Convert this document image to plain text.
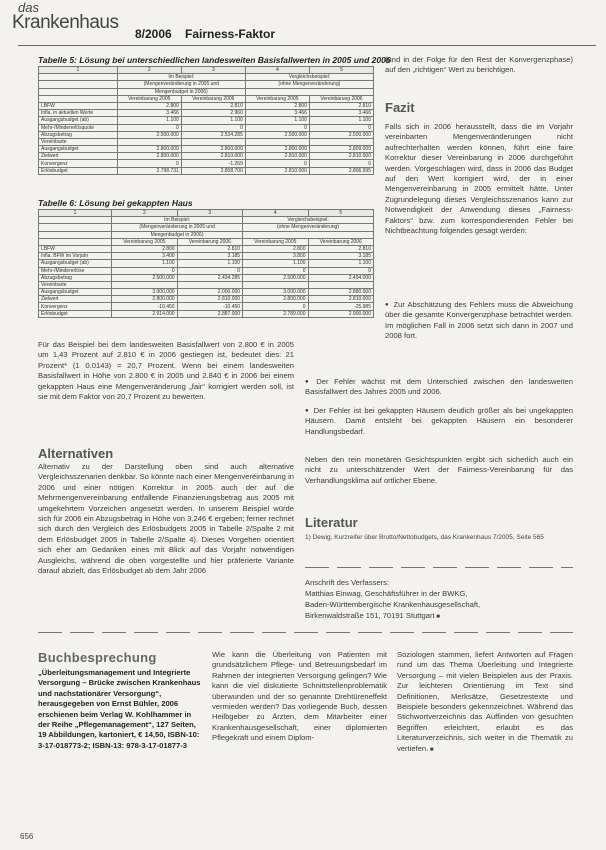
das
Krankenhaus
8/2006 Fairness-Faktor
Tabelle 5: Lösung bei unterschiedlichen landesweiten Basisfallwerten in 2005 und 2006
1	2	3	4	5
	Im Beispiel:		Vergleichsbeispiel:	
	(Mengenveränderung in 2005 und		(ohne Mengenveränderung)	
	Mengenbudget in 2006)			
	Vereinbarung 2005	Vereinbarung 2006	Vereinbarung 2005	Vereinbarung 2006
LBFW	2.800	2.810	2.800	2.810
Infla. in aktuellen Werte	3.466	2.960	3.466	3.466
Ausgangsbudget (ab)	1.100	1.100	1.100	1.100
Mehr-/Mindererlösquote	0	0	0	0
Abzugsbetrag	2.500.000	2.534.285	2.500.000	2.500.000
Vereinbarte				
Ausgangsbudget	2.800.000	2.800.000	2.800.000	2.809.000
Zielwert	2.800.000	2.810.000	2.810.000	2.810.000
Konvergenz	0	-1.269	0	0
Erlösbudget	2.798.731	2.808.700	2.810.000	2.806.995
Tabelle 6: Lösung bei gekappten Haus
1	2	3	4	5
	Im Beispiel:		Vergleichsbeispiel:	
	(Mengenveränderung in 2005 und		(ohne Mengenveränderung)	
	Mengenbudget in 2006)			
	Vereinbarung 2005	Vereinbarung 2006	Vereinbarung 2005	Vereinbarung 2006
LBFW	2.800	2.810	2.800	2.810
Infla. BFW im Vorjahr	3.400	3.185	3.800	3.185
Ausgangsbudget (ab)	1.100	1.100	1.100	1.100
Mehr-/Mindererlöse	0	0	0	0
Abzugsbetrag	2.500.000	2.434.285	2.500.000	2.494.000
Vereinbarte				
Ausgangsbudget	3.000.000	2.000.000	3.000.000	2.880.000
Zielwert	2.800.000	2.810.000	2.800.000	2.810.000
Konvergenz	-10.450	-10.450	0	-25.985
Erlösbudget	2.914.000	2.887.000	2.789.000	2.900.000
Für das Beispiel bei dem landesweiten Basisfallwert von 2.800 € in 2005 um 1,43 Prozent auf 2.810 € in 2006 gestiegen ist, bedeutet dies: 21 Prozent* (1 0.0143) = 20,7 Prozent. Wenn bei einem landesweiten Basisfallwert in Höhe von 2.800 € in 2005 und 2.840 € in 2006 bei einem gekappten Haus eine Mengenveränderung „fair“ korrigiert werden soll, ist sie mit dem Faktor von 20,7 Prozent zu bewerten.
Alternativen
Alternativ zu der Darstellung oben sind auch alternative Vergleichsszenarien denkbar. So könnte nach einer Mengenvereinbarung in 2006 und einer nötigen Korrektur in 2005 auch der auf die Mehrmengenvereinbarung entfallende Finanzierungsbetrag aus 2005 mit umgekehrtem Vorzeichen angesetzt werden. In unserem Beispiel würde sich für 2006 ein Abzugsbetrag in Höhe von 3.246 € ergeben; ferner rechnet sich durch den Vergleich des Erlösbudgets 2005 in Tabelle 2/Spalte 2 mit dem Erlösbudget 2005 in Tabelle 2/Spalte 4). Dieses Vorgehen orientiert sich eher am Gedanken eines mit Blick auf das Vorjahr notwendigen Ausgleichs, während die oben vorgestellte und hier präferierte Variante darauf abzielt, das Erlösbudget ab dem Jahr 2006
(und in der Folge für den Rest der Konvergenzphase) auf den „richtigen“ Wert zu berichtigen.
Fazit
Falls sich in 2006 herausstellt, dass die im Vorjahr vereinbarten Mengenveränderungen nicht aufrechterhalten werden können, führt eine faire Korrektur dieser Vereinbarung in 2006 durchgeführt werden. Vorgeschlagen wird, dass in 2006 das Budget auf den Wert korrigiert wird, der in einer Mengenvereinbarung in 2005 ermittelt hätte. Unter Zugrundelegung dieses Vergleichsszenarios kann zur Notwendigkeit der Anwendung dieses „Fairness-Faktors“ bzw. zum korrespondierenden Fehler bei Nichtbeachtung folgendes gesagt werden:
● Zur Abschätzung des Fehlers muss die Abweichung über die gesamte Konvergenzphase betrachtet werden. Im möglichen Fall in 2006 setzt sich dann in 2007 und 2008 fort.
● Der Fehler wächst mit dem Unterschied zwischen den landesweiten Basisfallwert des Jahres 2005 und 2006.
● Der Fehler ist bei gekappten Häusern deutlich größer als bei ungekappten Häusern. Damit entsteht bei gekappten Häusern ein besonderer Handlungsbedarf.
Neben den rein monetären Gesichtspunkten ergibt sich sicherlich auch ein nicht zu unterschätzender Wert der Fairness-Vereinbarung für das Verhandlungsklima auf ortlicher Ebene.
Literatur
1) Dewig, Kurzreifer über Brutto/Nettobudgets, das Krankenhaus 7/2005, Seite 565
Anschrift des Verfassers:
Matthias Einwag, Geschäftsführer in der BWKG,
Baden-Württembergische Krankenhausgesellschaft,
Birkenwaldstraße 151, 70191 Stuttgart ■
Buchbesprechung
„Überleitungsmanagement und Integrierte Versorgung – Brücke zwischen Krankenhaus und nachstationärer Versorgung“, herausgegeben von Ernst Bühler, 2006 erschienen beim Verlag W. Kohlhammer in der Reihe „Pflegemanagement“, 127 Seiten, 19 Abbildungen, kartoniert, € 14,50, ISBN-10: 3-17-018773-2; ISBN-13: 978-3-17-01877-3
Wie kann die Überleitung von Patienten mit grundsätzlichem Pflege- und Betreuungsbedarf im Rahmen der integrierten Versorgung gelingen? Wie kann die viel diskutierte Schnittstellenproblematik überwunden und der so genannte Drehtüreneffekt vermieden werden? Das vorliegende Buch, dessen Heilbgeber zu Ärzten, dem Mitarbeiter einer Krankenhausgesellschaft, einer diplomierten Pflegekraft und einem Diplom-
Soziologen stammen, liefert Antworten auf Fragen rund um das Thema Überleitung und Integrierte Versorgung – mit vielen Beispielen aus der Praxis. Zur leichteren Orientierung im Text sind Definitionen, Merksätze, Gesetzestexte und Beispiele besonders gekennzeichnet. Während das Stichwortverzeichnis das Auffinden von gesuchten Begriffen erleichtert, erlaubt es das Literaturverzeichnis, sich weiter in die Thematik zu vertiefen. ■
656
